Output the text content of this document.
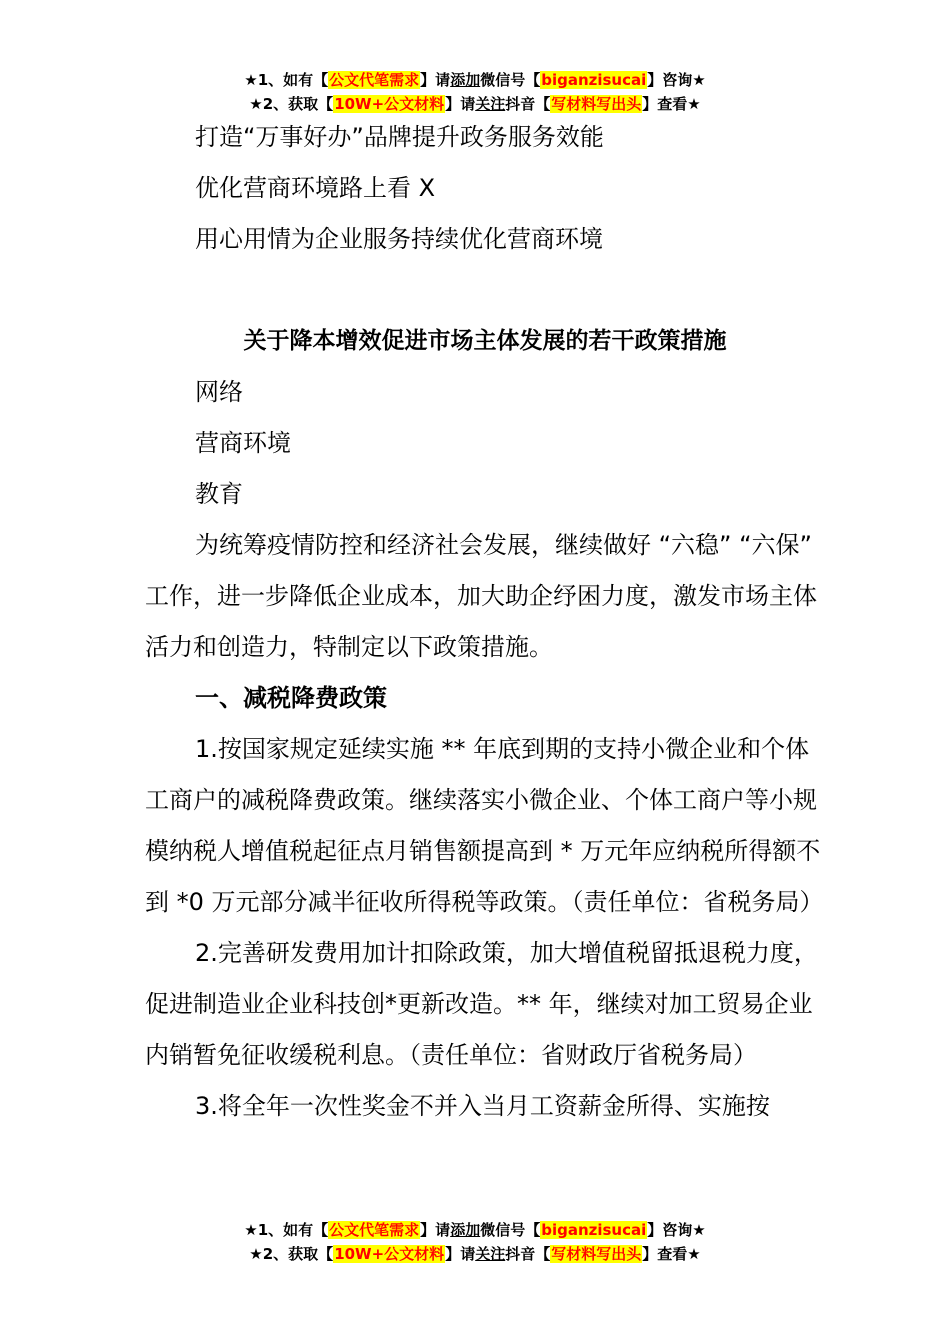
★1、如有【公文代笔需求】请添加微信号【biganzisucai】咨询★
★2、获取【10W+公文材料】请关注抖音【写材料写出头】查看★

打造“万事好办”品牌提升政务服务效能

优化营商环境路上看 X

用心用情为企业服务持续优化营商环境

关于降本增效促进市场主体发展的若干政策措施

网络

营商环境

教育

为统筹疫情防控和经济社会发展，继续做好 “六稳” “六保” 工作，进一步降低企业成本，加大助企纾困力度，激发市场主体活力和创造力，特制定以下政策措施。

一、减税降费政策

1.按国家规定延续实施 ** 年底到期的支持小微企业和个体工商户的减税降费政策。继续落实小微企业、个体工商户等小规模纳税人增值税起征点月销售额提高到 * 万元年应纳税所得额不到 *0 万元部分减半征收所得税等政策。（责任单位：省税务局）

2.完善研发费用加计扣除政策，加大增值税留抵退税力度，促进制造业企业科技创*更新改造。** 年，继续对加工贸易企业内销暂免征收缓税利息。（责任单位：省财政厅省税务局）

3.将全年一次性奖金不并入当月工资薪金所得、实施按

★1、如有【公文代笔需求】请添加微信号【biganzisucai】咨询★
★2、获取【10W+公文材料】请关注抖音【写材料写出头】查看★
